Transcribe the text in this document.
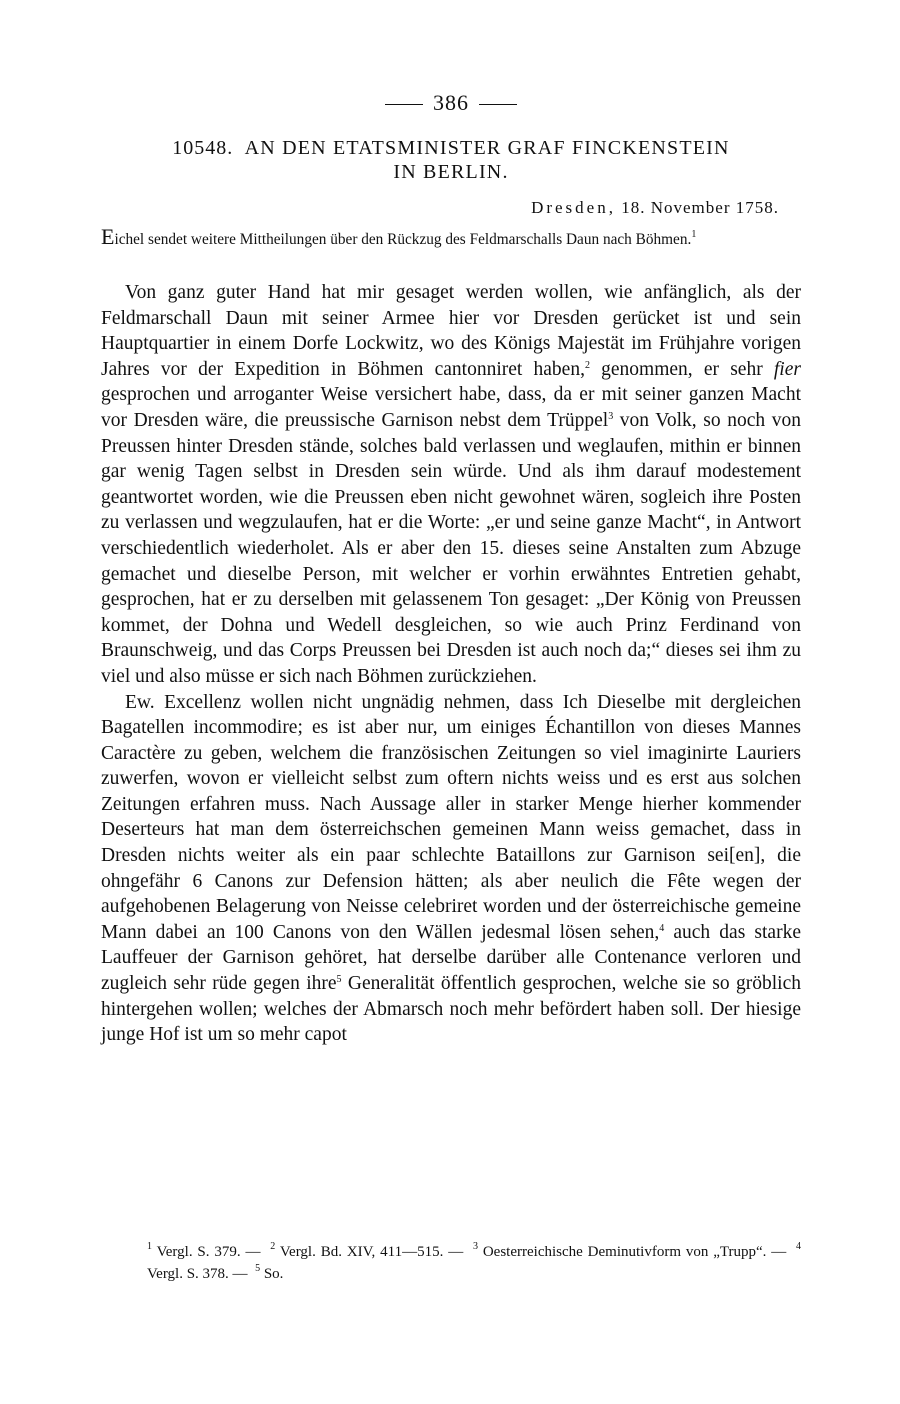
386
10548. AN DEN ETATSMINISTER GRAF FINCKENSTEIN
IN BERLIN.
Dresden, 18. November 1758.
Eichel sendet weitere Mittheilungen über den Rückzug des Feldmarschalls Daun nach Böhmen.$^1$

Von ganz guter Hand hat mir gesaget werden wollen, wie anfänglich, als der Feldmarschall Daun mit seiner Armee hier vor Dresden gerücket ist und sein Hauptquartier in einem Dorfe Lockwitz, wo des Königs Majestät im Frühjahre vorigen Jahres vor der Expedition in Böhmen cantonniret haben,$^2$ genommen, er sehr fier gesprochen und arroganter Weise versichert habe, dass, da er mit seiner ganzen Macht vor Dresden wäre, die preussische Garnison nebst dem Trüppel$^3$ von Volk, so noch von Preussen hinter Dresden stände, solches bald verlassen und weglaufen, mithin er binnen gar wenig Tagen selbst in Dresden sein würde. Und als ihm darauf modestement geantwortet worden, wie die Preussen eben nicht gewohnet wären, sogleich ihre Posten zu verlassen und wegzulaufen, hat er die Worte: „er und seine ganze Macht“, in Antwort verschiedentlich wiederholet. Als er aber den 15. dieses seine Anstalten zum Abzuge gemachet und dieselbe Person, mit welcher er vorhin erwähntes Entretien gehabt, gesprochen, hat er zu derselben mit gelassenem Ton gesaget: „Der König von Preussen kommet, der Dohna und Wedell desgleichen, so wie auch Prinz Ferdinand von Braunschweig, und das Corps Preussen bei Dresden ist auch noch da;“ dieses sei ihm zu viel und also müsse er sich nach Böhmen zurückziehen.

Ew. Excellenz wollen nicht ungnädig nehmen, dass Ich Dieselbe mit dergleichen Bagatellen incommodire; es ist aber nur, um einiges Échantillon von dieses Mannes Caractère zu geben, welchem die französischen Zeitungen so viel imaginirte Lauriers zuwerfen, wovon er vielleicht selbst zum oftern nichts weiss und es erst aus solchen Zeitungen erfahren muss. Nach Aussage aller in starker Menge hierher kommender Deserteurs hat man dem österreichschen gemeinen Mann weiss gemachet, dass in Dresden nichts weiter als ein paar schlechte Bataillons zur Garnison sei[en], die ohngefähr 6 Canons zur Defension hätten; als aber neulich die Fête wegen der aufgehobenen Belagerung von Neisse celebriret worden und der österreichische gemeine Mann dabei an 100 Canons von den Wällen jedesmal lösen sehen,$^4$ auch das starke Lauffeuer der Garnison gehöret, hat derselbe darüber alle Contenance verloren und zugleich sehr rüde gegen ihre$^5$ Generalität öffentlich gesprochen, welche sie so gröblich hintergehen wollen; welches der Abmarsch noch mehr befördert haben soll. Der hiesige junge Hof ist um so mehr capot

$^1$ Vergl. S. 379. — $^2$ Vergl. Bd. XIV, 411—515. — $^3$ Oesterreichische Deminutivform von „Trupp“. — $^4$ Vergl. S. 378. — $^5$ So.
